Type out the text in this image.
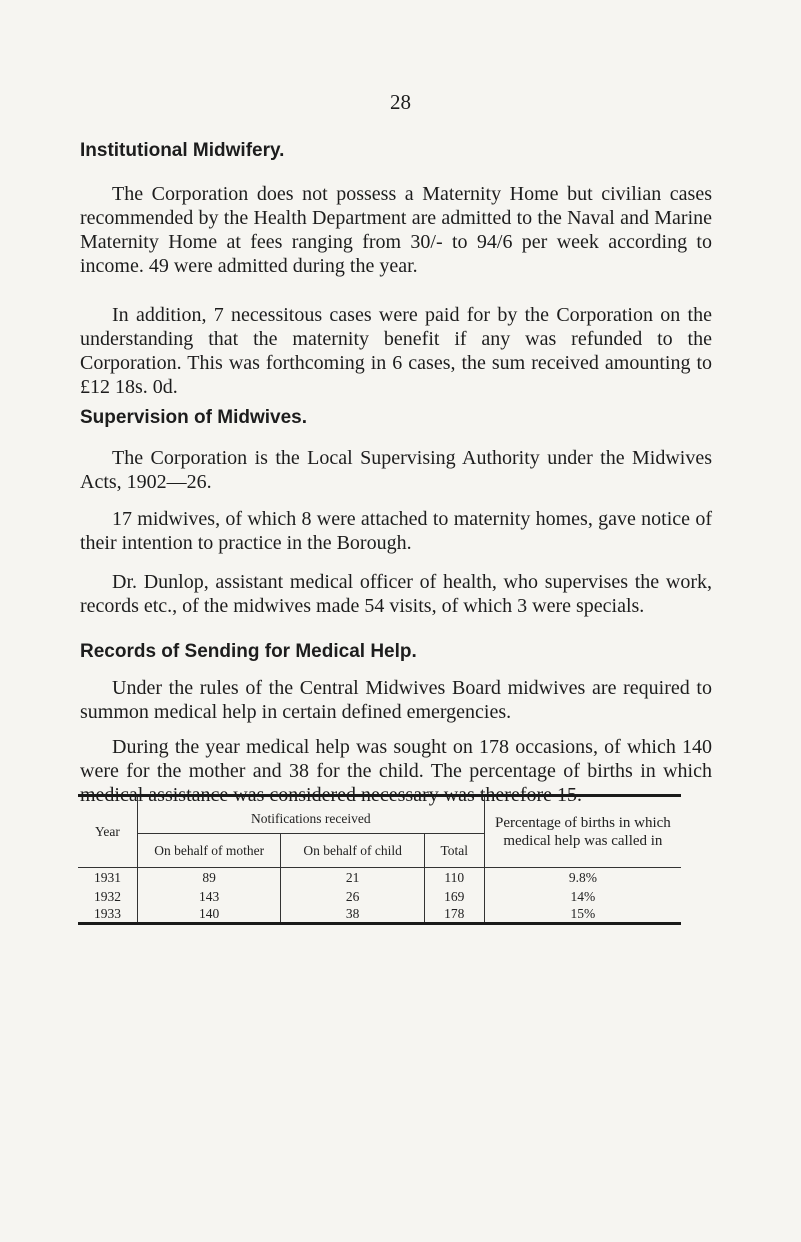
28
Institutional Midwifery.

The Corporation does not possess a Maternity Home but civilian cases recommended by the Health Department are admitted to the Naval and Marine Maternity Home at fees ranging from 30/- to 94/6 per week according to income. 49 were admitted during the year.

In addition, 7 necessitous cases were paid for by the Corporation on the understanding that the maternity benefit if any was refunded to the Corporation. This was forthcoming in 6 cases, the sum received amounting to £12 18s. 0d.

Supervision of Midwives.

The Corporation is the Local Supervising Authority under the Midwives Acts, 1902—26.

17 midwives, of which 8 were attached to maternity homes, gave notice of their intention to practice in the Borough.

Dr. Dunlop, assistant medical officer of health, who supervises the work, records etc., of the midwives made 54 visits, of which 3 were specials.

Records of Sending for Medical Help.

Under the rules of the Central Midwives Board midwives are required to summon medical help in certain defined emergencies.

During the year medical help was sought on 178 occasions, of which 140 were for the mother and 38 for the child. The percentage of births in which medical assistance was considered necessary was therefore 15.

Year	Notifications received			Percentage of births in which medical help was called in
	On behalf of mother	On behalf of child	Total	
1931	89	21	110	9.8%
1932	143	26	169	14%
1933	140	38	178	15%
